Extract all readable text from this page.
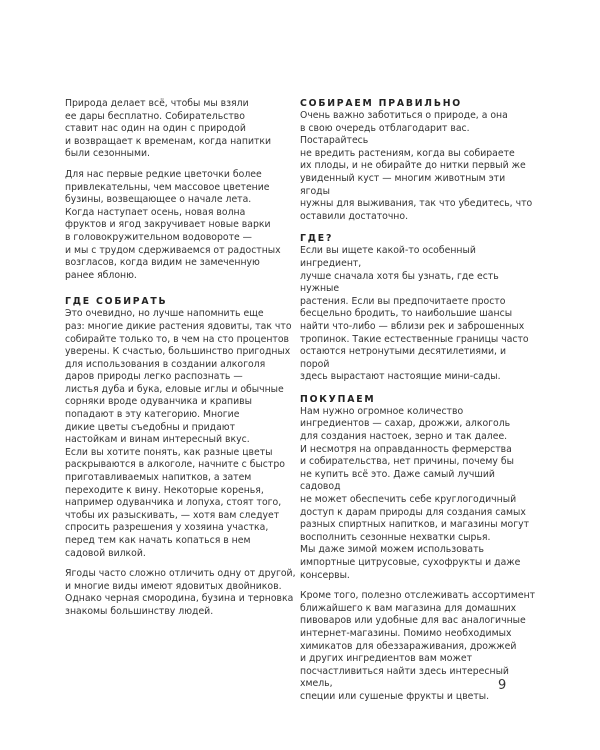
Природа делает всё, чтобы мы взяли
ее дары бесплатно. Собирательство
ставит нас один на один с природой
и возвращает к временам, когда напитки
были сезонными.

Для нас первые редкие цветочки более
привлекательны, чем массовое цветение
бузины, возвещающее о начале лета.
Когда наступает осень, новая волна
фруктов и ягод закручивает новые варки
в головокружительном водовороте —
и мы с трудом сдерживаемся от радостных
возгласов, когда видим не замеченную
ранее яблоню.

ГДЕ СОБИРАТЬ

Это очевидно, но лучше напомнить еще
раз: многие дикие растения ядовиты, так что
собирайте только то, в чем на сто процентов
уверены. К счастью, большинство пригодных
для использования в создании алкоголя
даров природы легко распознать —
листья дуба и бука, еловые иглы и обычные
сорняки вроде одуванчика и крапивы
попадают в эту категорию. Многие
дикие цветы съедобны и придают
настойкам и винам интересный вкус.
Если вы хотите понять, как разные цветы
раскрываются в алкоголе, начните с быстро
приготавливаемых напитков, а затем
переходите к вину. Некоторые коренья,
например одуванчика и лопуха, стоят того,
чтобы их разыскивать, — хотя вам следует
спросить разрешения у хозяина участка,
перед тем как начать копаться в нем
садовой вилкой.

Ягоды часто сложно отличить одну от другой,
и многие виды имеют ядовитых двойников.
Однако черная смородина, бузина и терновка
знакомы большинству людей.

СОБИРАЕМ ПРАВИЛЬНО

Очень важно заботиться о природе, а она
в свою очередь отблагодарит вас. Постарайтесь
не вредить растениям, когда вы собираете
их плоды, и не обирайте до нитки первый же
увиденный куст — многим животным эти ягоды
нужны для выживания, так что убедитесь, что
оставили достаточно.

ГДЕ?

Если вы ищете какой-то особенный ингредиент,
лучше сначала хотя бы узнать, где есть нужные
растения. Если вы предпочитаете просто
бесцельно бродить, то наибольшие шансы
найти что-либо — вблизи рек и заброшенных
тропинок. Такие естественные границы часто
остаются нетронутыми десятилетиями, и порой
здесь вырастают настоящие мини-сады.

ПОКУПАЕМ

Нам нужно огромное количество
ингредиентов — сахар, дрожжи, алкоголь
для создания настоек, зерно и так далее.
И несмотря на оправданность фермерства
и собирательства, нет причины, почему бы
не купить всё это. Даже самый лучший садовод
не может обеспечить себе круглогодичный
доступ к дарам природы для создания самых
разных спиртных напитков, и магазины могут
восполнить сезонные нехватки сырья.
Мы даже зимой можем использовать
импортные цитрусовые, сухофрукты и даже
консервы.

Кроме того, полезно отслеживать ассортимент
ближайшего к вам магазина для домашних
пивоваров или удобные для вас аналогичные
интернет-магазины. Помимо необходимых
химикатов для обеззараживания, дрожжей
и других ингредиентов вам может
посчастливиться найти здесь интересный хмель,
специи или сушеные фрукты и цветы.

9
